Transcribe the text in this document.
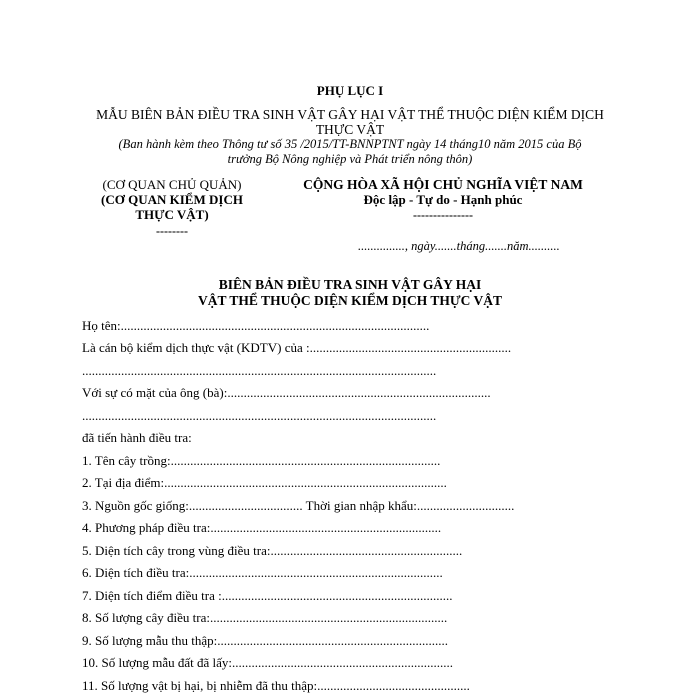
PHỤ LỤC I
MẪU BIÊN BẢN ĐIỀU TRA SINH VẬT GÂY HẠI VẬT THỂ THUỘC DIỆN KIỂM DỊCH
THỰC VẬT
(Ban hành kèm theo Thông tư số 35 /2015/TT-BNNPTNT ngày 14 tháng10 năm 2015 của Bộ
trưởng Bộ Nông nghiệp và Phát triển nông thôn)
(CƠ QUAN CHỦ QUẢN)
(CƠ QUAN KIỂM DỊCH
THỰC VẬT)
--------
CỘNG HÒA XÃ HỘI CHỦ NGHĨA VIỆT NAM
Độc lập - Tự do - Hạnh phúc
---------------
..............., ngày.......tháng.......năm..........
BIÊN BẢN ĐIỀU TRA SINH VẬT GÂY HẠI
VẬT THỂ THUỘC DIỆN KIỂM DỊCH THỰC VẬT
Họ tên:...............................................................................................
Là cán bộ kiểm dịch thực vật (KDTV) của :..............................................................
.............................................................................................................
Với sự có mặt của ông (bà):.................................................................................
.............................................................................................................
đã tiến hành điều tra:
1. Tên cây trồng:...................................................................................
2. Tại địa điểm:.......................................................................................
3. Nguồn gốc giống:................................... Thời gian nhập khẩu:..............................
4. Phương pháp điều tra:.......................................................................
5. Diện tích cây trong vùng điều tra:...........................................................
6. Diện tích điều tra:..............................................................................
7. Diện tích điểm điều tra :.......................................................................
8. Số lượng cây điều tra:.........................................................................
9. Số lượng mẫu thu thập:.......................................................................
10. Số lượng mẫu đất đã lấy:....................................................................
11. Số lượng vật bị hại, bị nhiễm đã thu thập:...............................................
